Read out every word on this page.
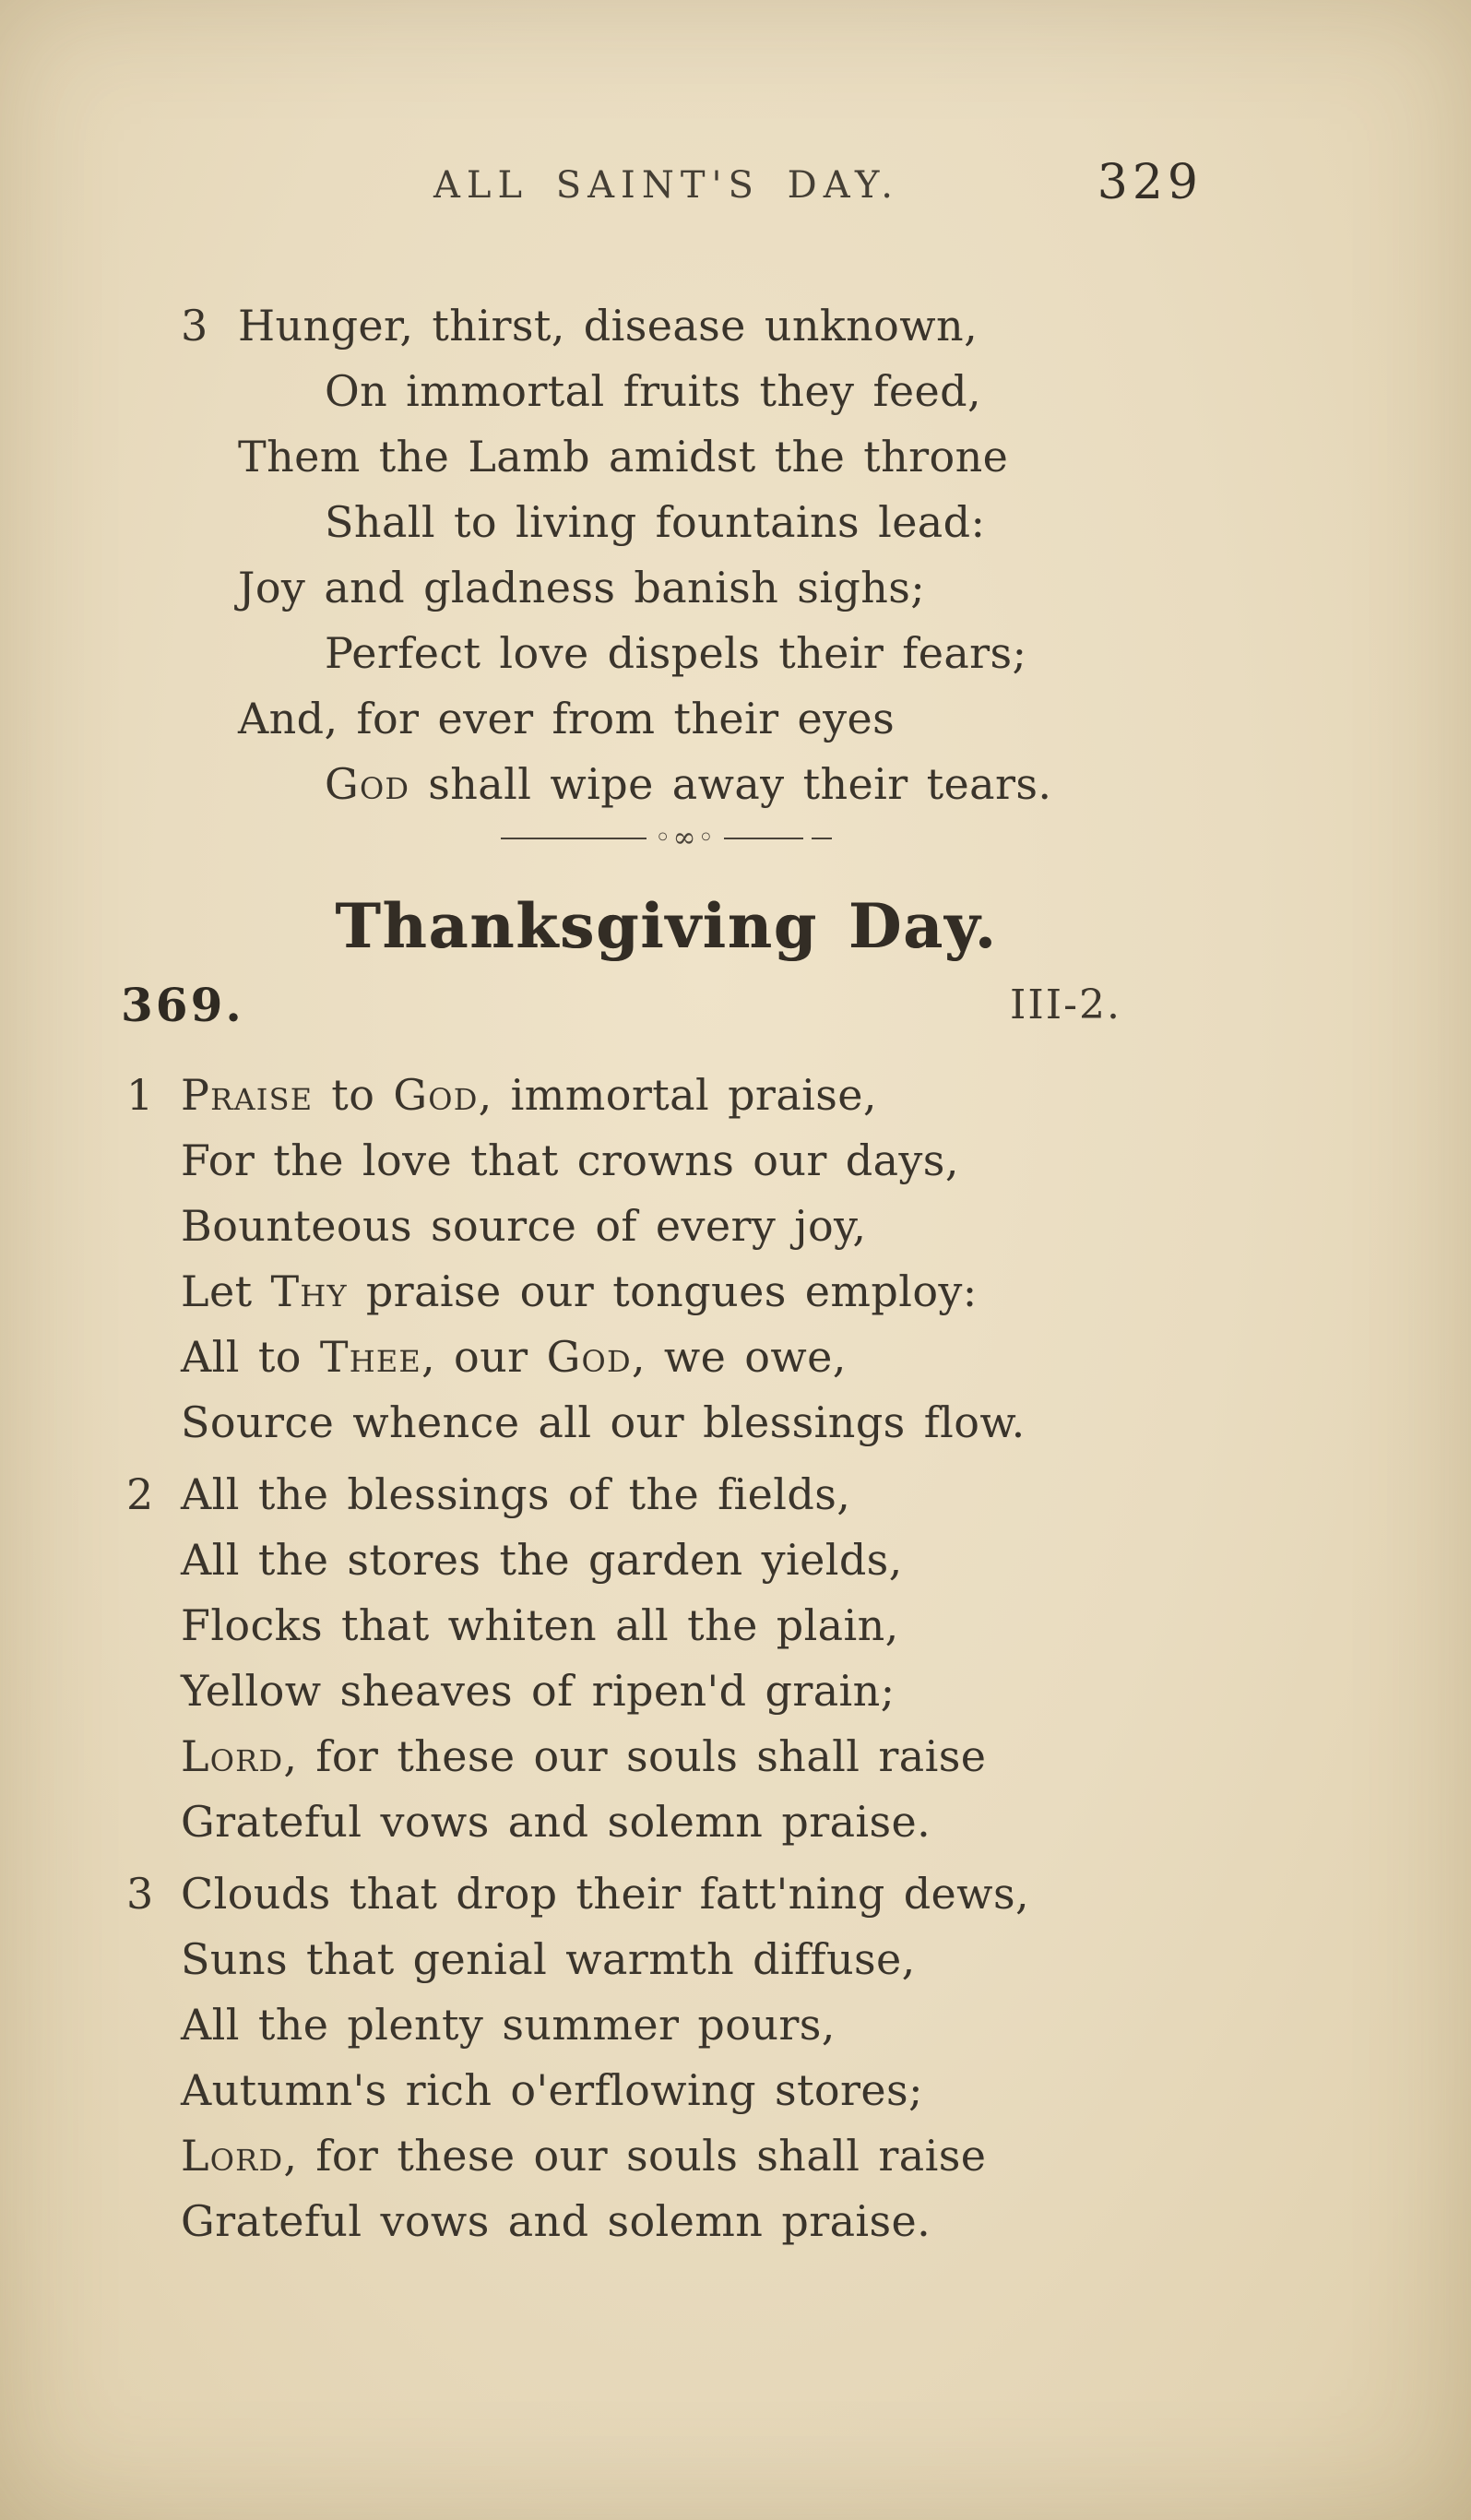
ALL SAINT'S DAY.	329
3 Hunger, thirst, disease unknown,
On immortal fruits they feed,
Them the Lamb amidst the throne
Shall to living fountains lead:
Joy and gladness banish sighs;
Perfect love dispels their fears;
And, for ever from their eyes
God shall wipe away their tears.
◦∞◦
Thanksgiving Day.
369.	III-2.
1 Praise to God, immortal praise,
For the love that crowns our days,
Bounteous source of every joy,
Let Thy praise our tongues employ:
All to Thee, our God, we owe,
Source whence all our blessings flow.
2 All the blessings of the fields,
All the stores the garden yields,
Flocks that whiten all the plain,
Yellow sheaves of ripen'd grain;
Lord, for these our souls shall raise
Grateful vows and solemn praise.
3 Clouds that drop their fatt'ning dews,
Suns that genial warmth diffuse,
All the plenty summer pours,
Autumn's rich o'erflowing stores;
Lord, for these our souls shall raise
Grateful vows and solemn praise.
